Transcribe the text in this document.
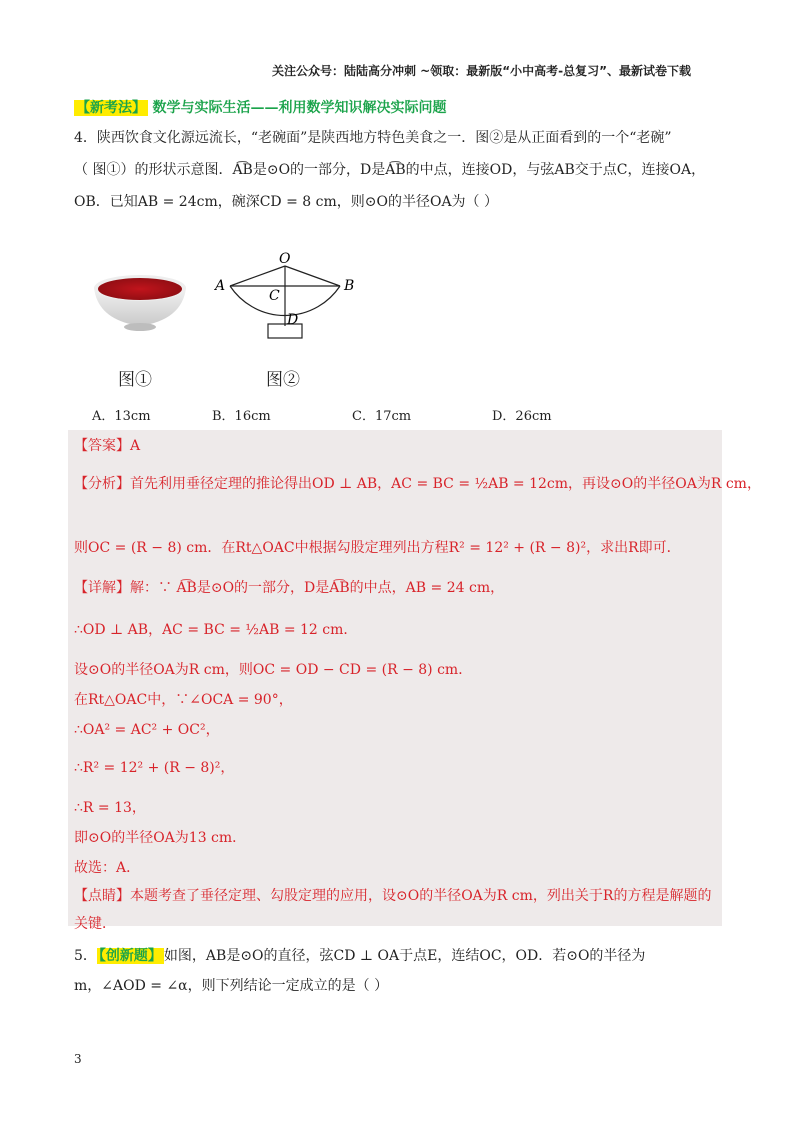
关注公众号：陆陆高分冲刺 ~领取：最新版“小中高考-总复习”、最新试卷下载
【新考法】 数学与实际生活——利用数学知识解决实际问题
4．陕西饮食文化源远流长，“老碗面”是陕西地方特色美食之一．图②是从正面看到的一个“老碗”
（ 图①）的形状示意图．A͡B是⊙O的一部分，D是A͡B的中点，连接OD，与弦AB交于点C，连接OA，
OB．已知AB = 24cm，碗深CD = 8 cm，则⊙O的半径OA为（ ）
O
A	B
C
D
图①	图②
A．13cm	B．16cm	C．17cm	D．26cm
【答案】A
【分析】首先利用垂径定理的推论得出OD ⊥ AB，AC = BC = ½AB = 12cm，再设⊙O的半径OA为R cm，
则OC = (R − 8) cm．在Rt△OAC中根据勾股定理列出方程R² = 12² + (R − 8)²，求出R即可．
【详解】解：∵ A͡B是⊙O的一部分，D是A͡B的中点，AB = 24 cm，
∴OD ⊥ AB，AC = BC = ½AB = 12 cm．
设⊙O的半径OA为R cm，则OC = OD − CD = (R − 8) cm．
在Rt△OAC中，∵∠OCA = 90°，
∴OA² = AC² + OC²，
∴R² = 12² + (R − 8)²，
∴R = 13，
即⊙O的半径OA为13 cm．
故选：A．
【点睛】本题考查了垂径定理、勾股定理的应用，设⊙O的半径OA为R cm，列出关于R的方程是解题的
关键．
5． 【创新题】 如图，AB是⊙O的直径，弦CD ⊥ OA于点E，连结OC，OD．若⊙O的半径为
m，∠AOD = ∠α，则下列结论一定成立的是（ ）
3
